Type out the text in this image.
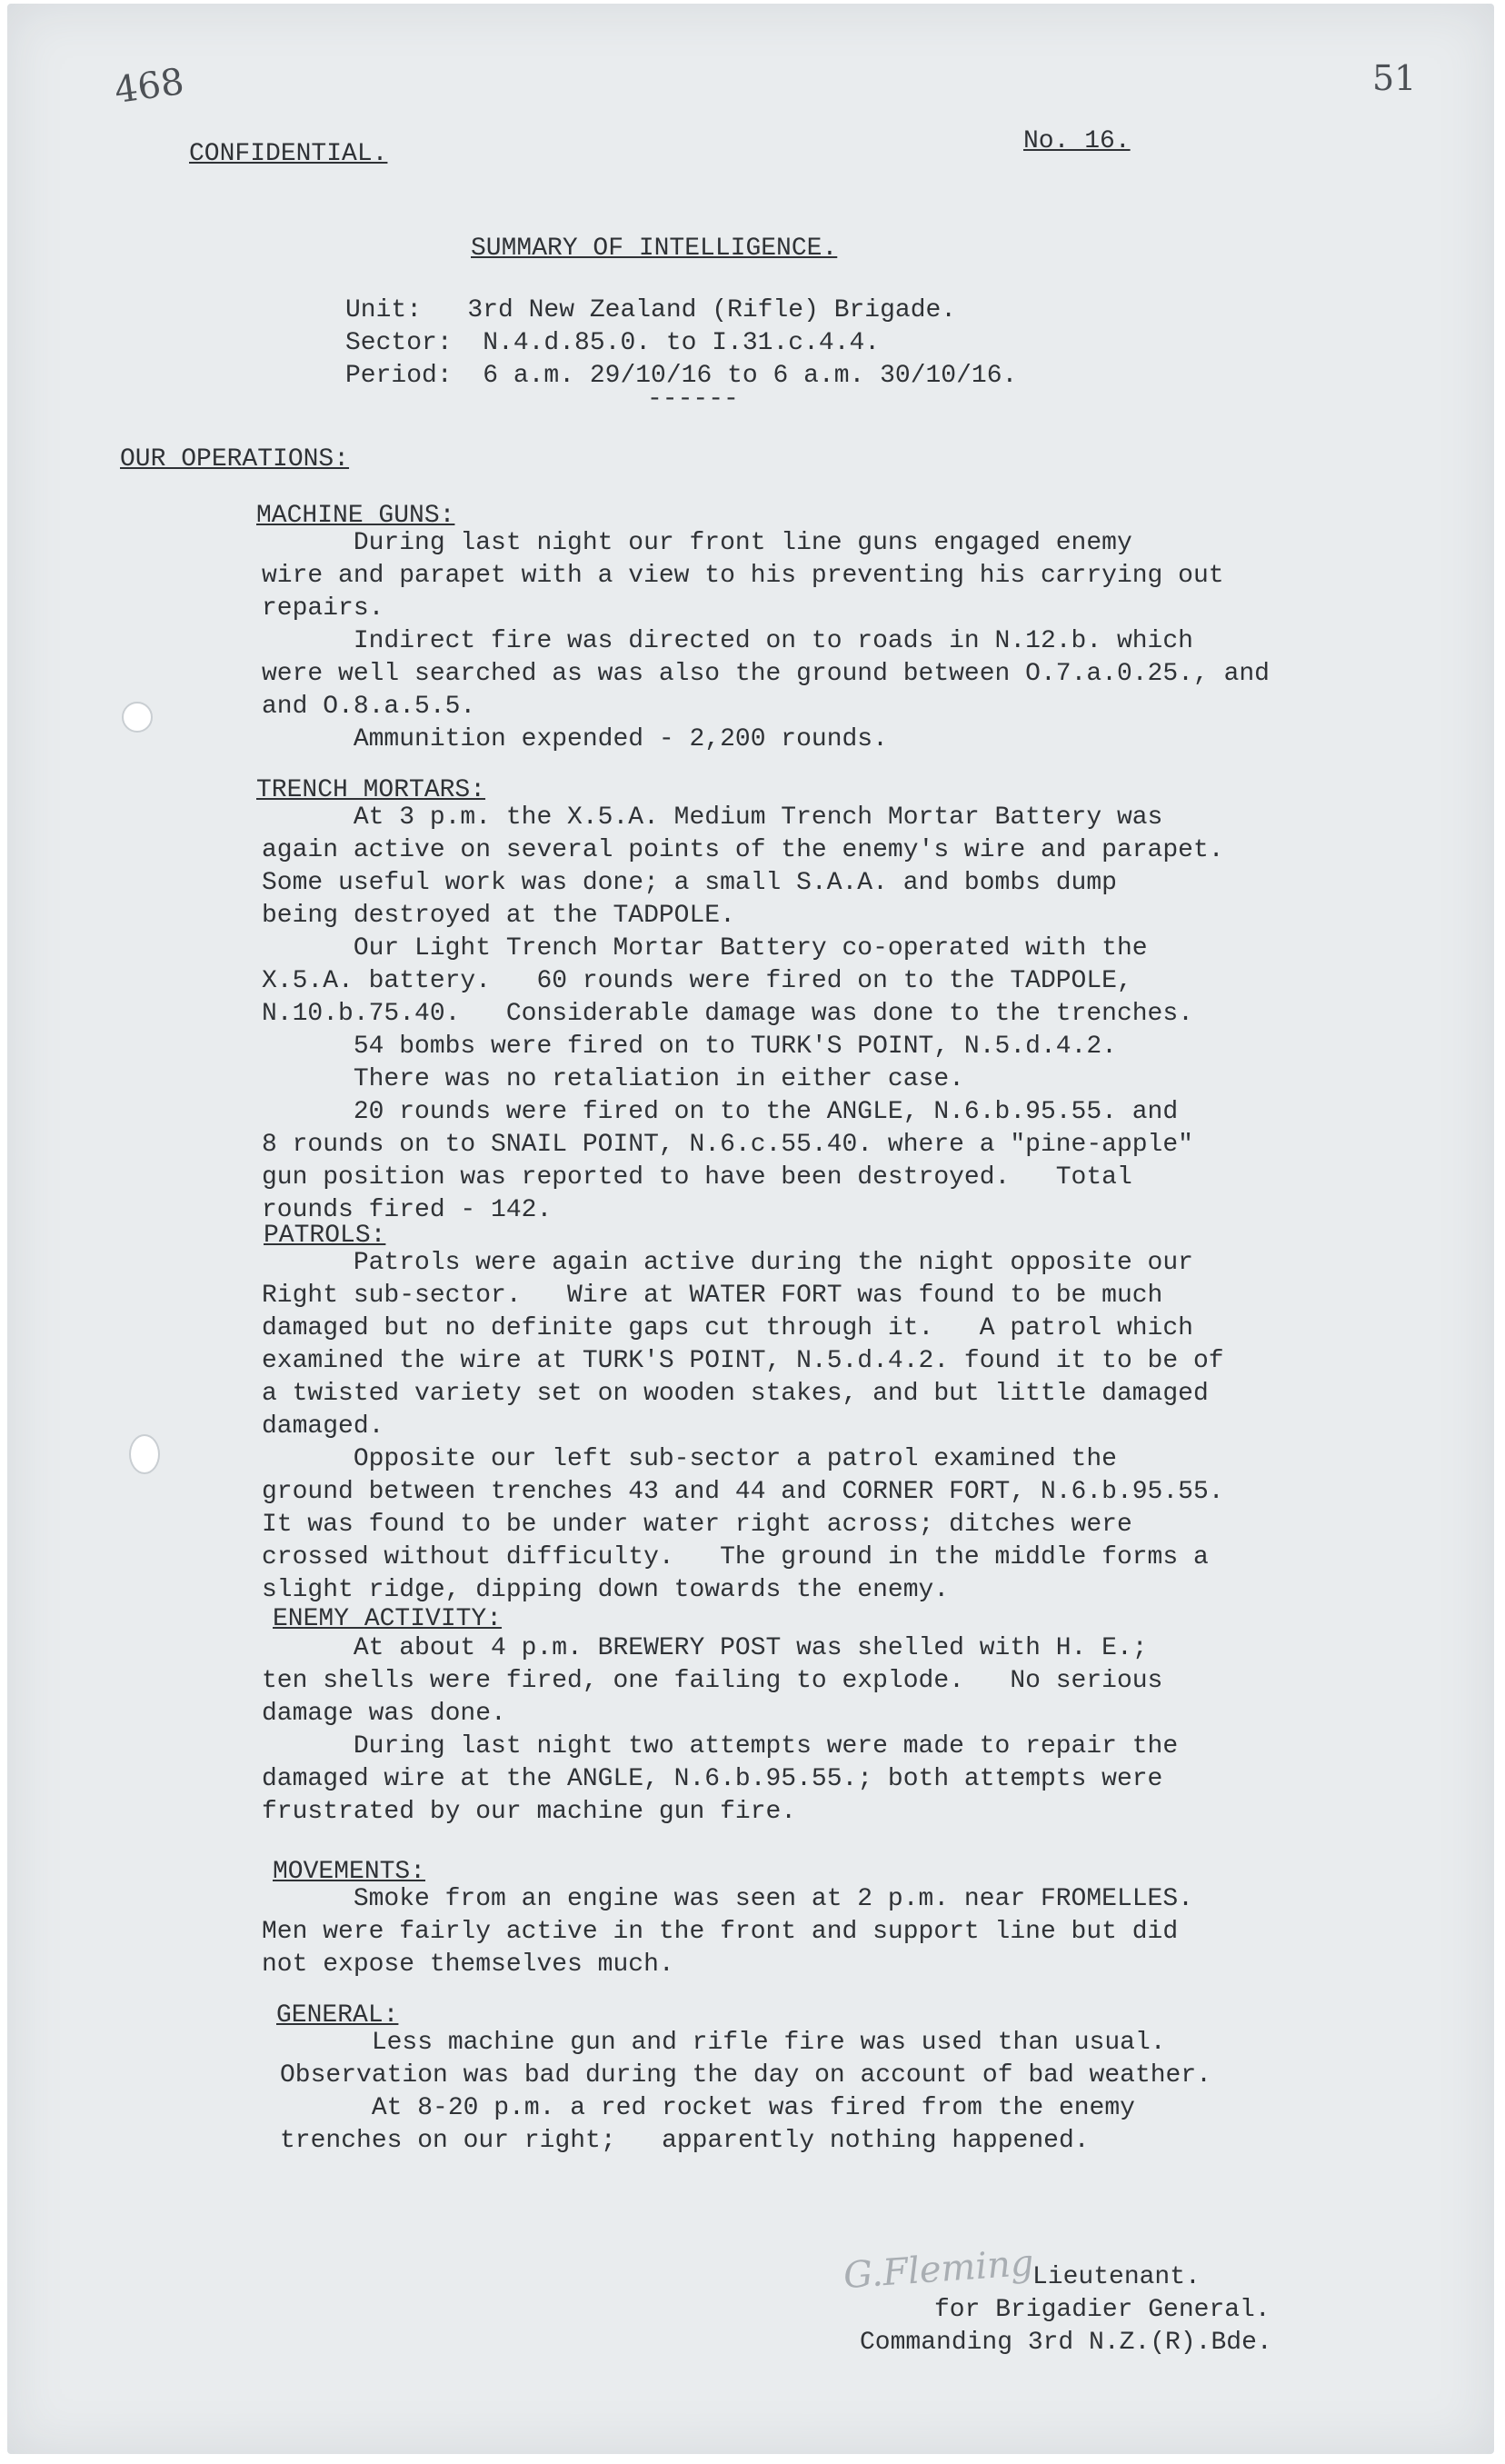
468	51
CONFIDENTIAL.	No. 16.
SUMMARY OF INTELLIGENCE.
Unit:   3rd New Zealand (Rifle) Brigade.
Sector:  N.4.d.85.0. to I.31.c.4.4.
Period:  6 a.m. 29/10/16 to 6 a.m. 30/10/16.
------
OUR OPERATIONS:
MACHINE GUNS:
During last night our front line guns engaged enemy
wire and parapet with a view to his preventing his carrying out
repairs.
Indirect fire was directed on to roads in N.12.b. which
were well searched as was also the ground between O.7.a.0.25., and
and O.8.a.5.5.
Ammunition expended - 2,200 rounds.
TRENCH MORTARS:
At 3 p.m. the X.5.A. Medium Trench Mortar Battery was
again active on several points of the enemy's wire and parapet.
Some useful work was done; a small S.A.A. and bombs dump
being destroyed at the TADPOLE.
Our Light Trench Mortar Battery co-operated with the
X.5.A. battery.   60 rounds were fired on to the TADPOLE,
N.10.b.75.40.   Considerable damage was done to the trenches.
54 bombs were fired on to TURK'S POINT, N.5.d.4.2.
There was no retaliation in either case.
20 rounds were fired on to the ANGLE, N.6.b.95.55. and
8 rounds on to SNAIL POINT, N.6.c.55.40. where a "pine-apple"
gun position was reported to have been destroyed.   Total
rounds fired - 142.
PATROLS:
Patrols were again active during the night opposite our
Right sub-sector.   Wire at WATER FORT was found to be much
damaged but no definite gaps cut through it.   A patrol which
examined the wire at TURK'S POINT, N.5.d.4.2. found it to be of
a twisted variety set on wooden stakes, and but little damaged
damaged.
Opposite our left sub-sector a patrol examined the
ground between trenches 43 and 44 and CORNER FORT, N.6.b.95.55.
It was found to be under water right across; ditches were
crossed without difficulty.   The ground in the middle forms a
slight ridge, dipping down towards the enemy.
ENEMY ACTIVITY:
At about 4 p.m. BREWERY POST was shelled with H. E.;
ten shells were fired, one failing to explode.   No serious
damage was done.
During last night two attempts were made to repair the
damaged wire at the ANGLE, N.6.b.95.55.; both attempts were
frustrated by our machine gun fire.
MOVEMENTS:
Smoke from an engine was seen at 2 p.m. near FROMELLES.
Men were fairly active in the front and support line but did
not expose themselves much.
GENERAL:
Less machine gun and rifle fire was used than usual.
Observation was bad during the day on account of bad weather.
At 8-20 p.m. a red rocket was fired from the enemy
trenches on our right;   apparently nothing happened.
G.Fleming
Lieutenant.
for Brigadier General.
Commanding 3rd N.Z.(R).Bde.
